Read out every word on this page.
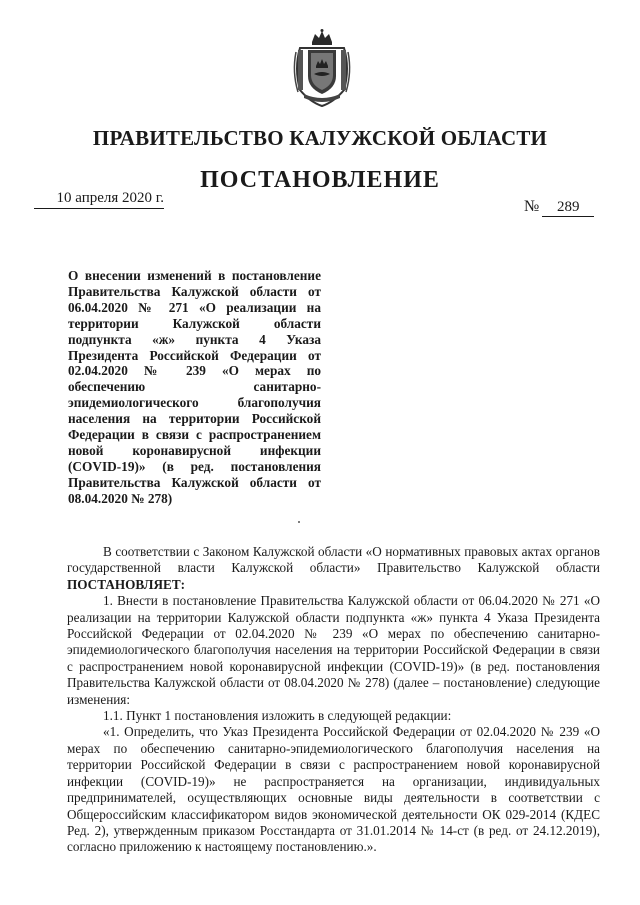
ПРАВИТЕЛЬСТВО КАЛУЖСКОЙ ОБЛАСТИ
ПОСТАНОВЛЕНИЕ
10 апреля 2020 г.	№ 289
О внесении изменений в постановление Правительства Калужской области от 06.04.2020 № 271 «О реализации на территории Калужской области подпункта «ж» пункта 4 Указа Президента Российской Федерации от 02.04.2020 № 239 «О мерах по обеспечению санитарно-эпидемиологического благополучия населения на территории Российской Федерации в связи с распространением новой коронавирусной инфекции (COVID-19)» (в ред. постановления Правительства Калужской области от 08.04.2020 № 278)

В соответствии с Законом Калужской области «О нормативных правовых актах органов государственной власти Калужской области» Правительство Калужской области ПОСТАНОВЛЯЕТ:

1. Внести в постановление Правительства Калужской области от 06.04.2020 № 271 «О реализации на территории Калужской области подпункта «ж» пункта 4 Указа Президента Российской Федерации от 02.04.2020 № 239 «О мерах по обеспечению санитарно-эпидемиологического благополучия населения на территории Российской Федерации в связи с распространением новой коронавирусной инфекции (COVID-19)» (в ред. постановления Правительства Калужской области от 08.04.2020 № 278) (далее – постановление) следующие изменения:

1.1. Пункт 1 постановления изложить в следующей редакции:

«1. Определить, что Указ Президента Российской Федерации от 02.04.2020 № 239 «О мерах по обеспечению санитарно-эпидемиологического благополучия населения на территории Российской Федерации в связи с распространением новой коронавирусной инфекции (COVID-19)» не распространяется на организации, индивидуальных предпринимателей, осуществляющих основные виды деятельности в соответствии с Общероссийским классификатором видов экономической деятельности ОК 029-2014 (КДЕС Ред. 2), утвержденным приказом Росстандарта от 31.01.2014 № 14-ст (в ред. от 24.12.2019), согласно приложению к настоящему постановлению.».
